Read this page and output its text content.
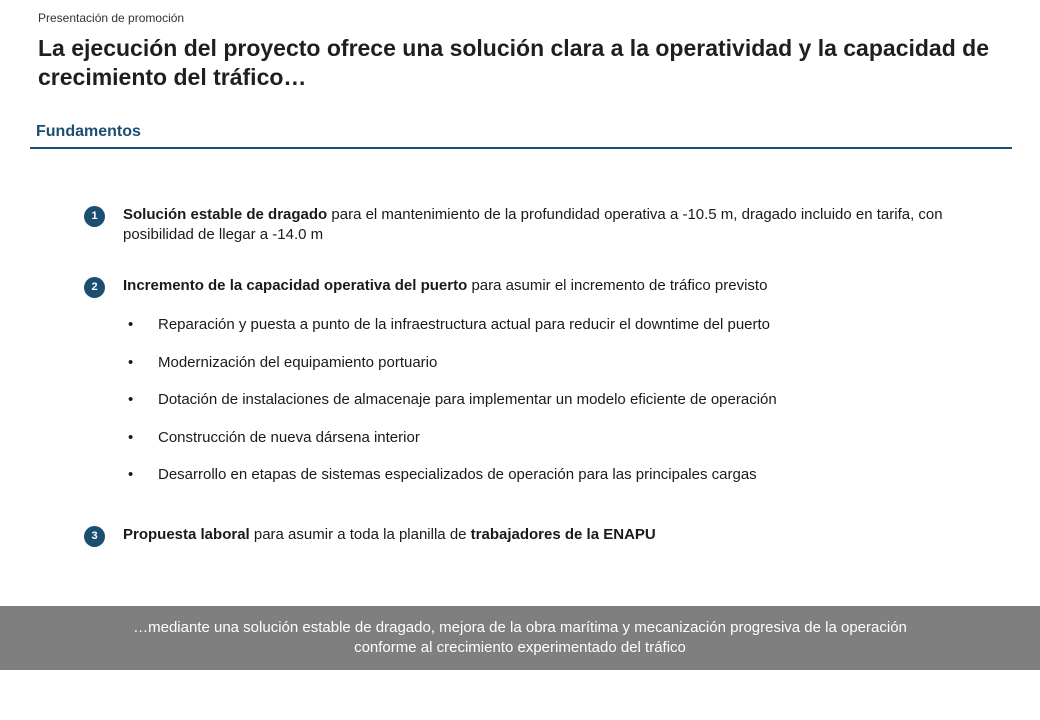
Presentación de promoción
La ejecución del proyecto ofrece una solución clara a la operatividad y la capacidad de crecimiento del tráfico…
Fundamentos
1	Solución estable de dragado para el mantenimiento de la profundidad operativa a -10.5 m, dragado incluido en tarifa, con posibilidad de llegar a -14.0 m
2	Incremento de la capacidad operativa del puerto para asumir el incremento de tráfico previsto
• Reparación y puesta a punto de la infraestructura actual para reducir el downtime del puerto
• Modernización del equipamiento portuario
• Dotación de instalaciones de almacenaje para implementar un modelo eficiente de operación
• Construcción de nueva dársena interior
• Desarrollo en etapas de sistemas especializados de operación para las principales cargas
3	Propuesta laboral para asumir a toda la planilla de trabajadores de la ENAPU
…mediante una solución estable de dragado, mejora de la obra marítima y mecanización progresiva de la operación
conforme al crecimiento experimentado del tráfico
